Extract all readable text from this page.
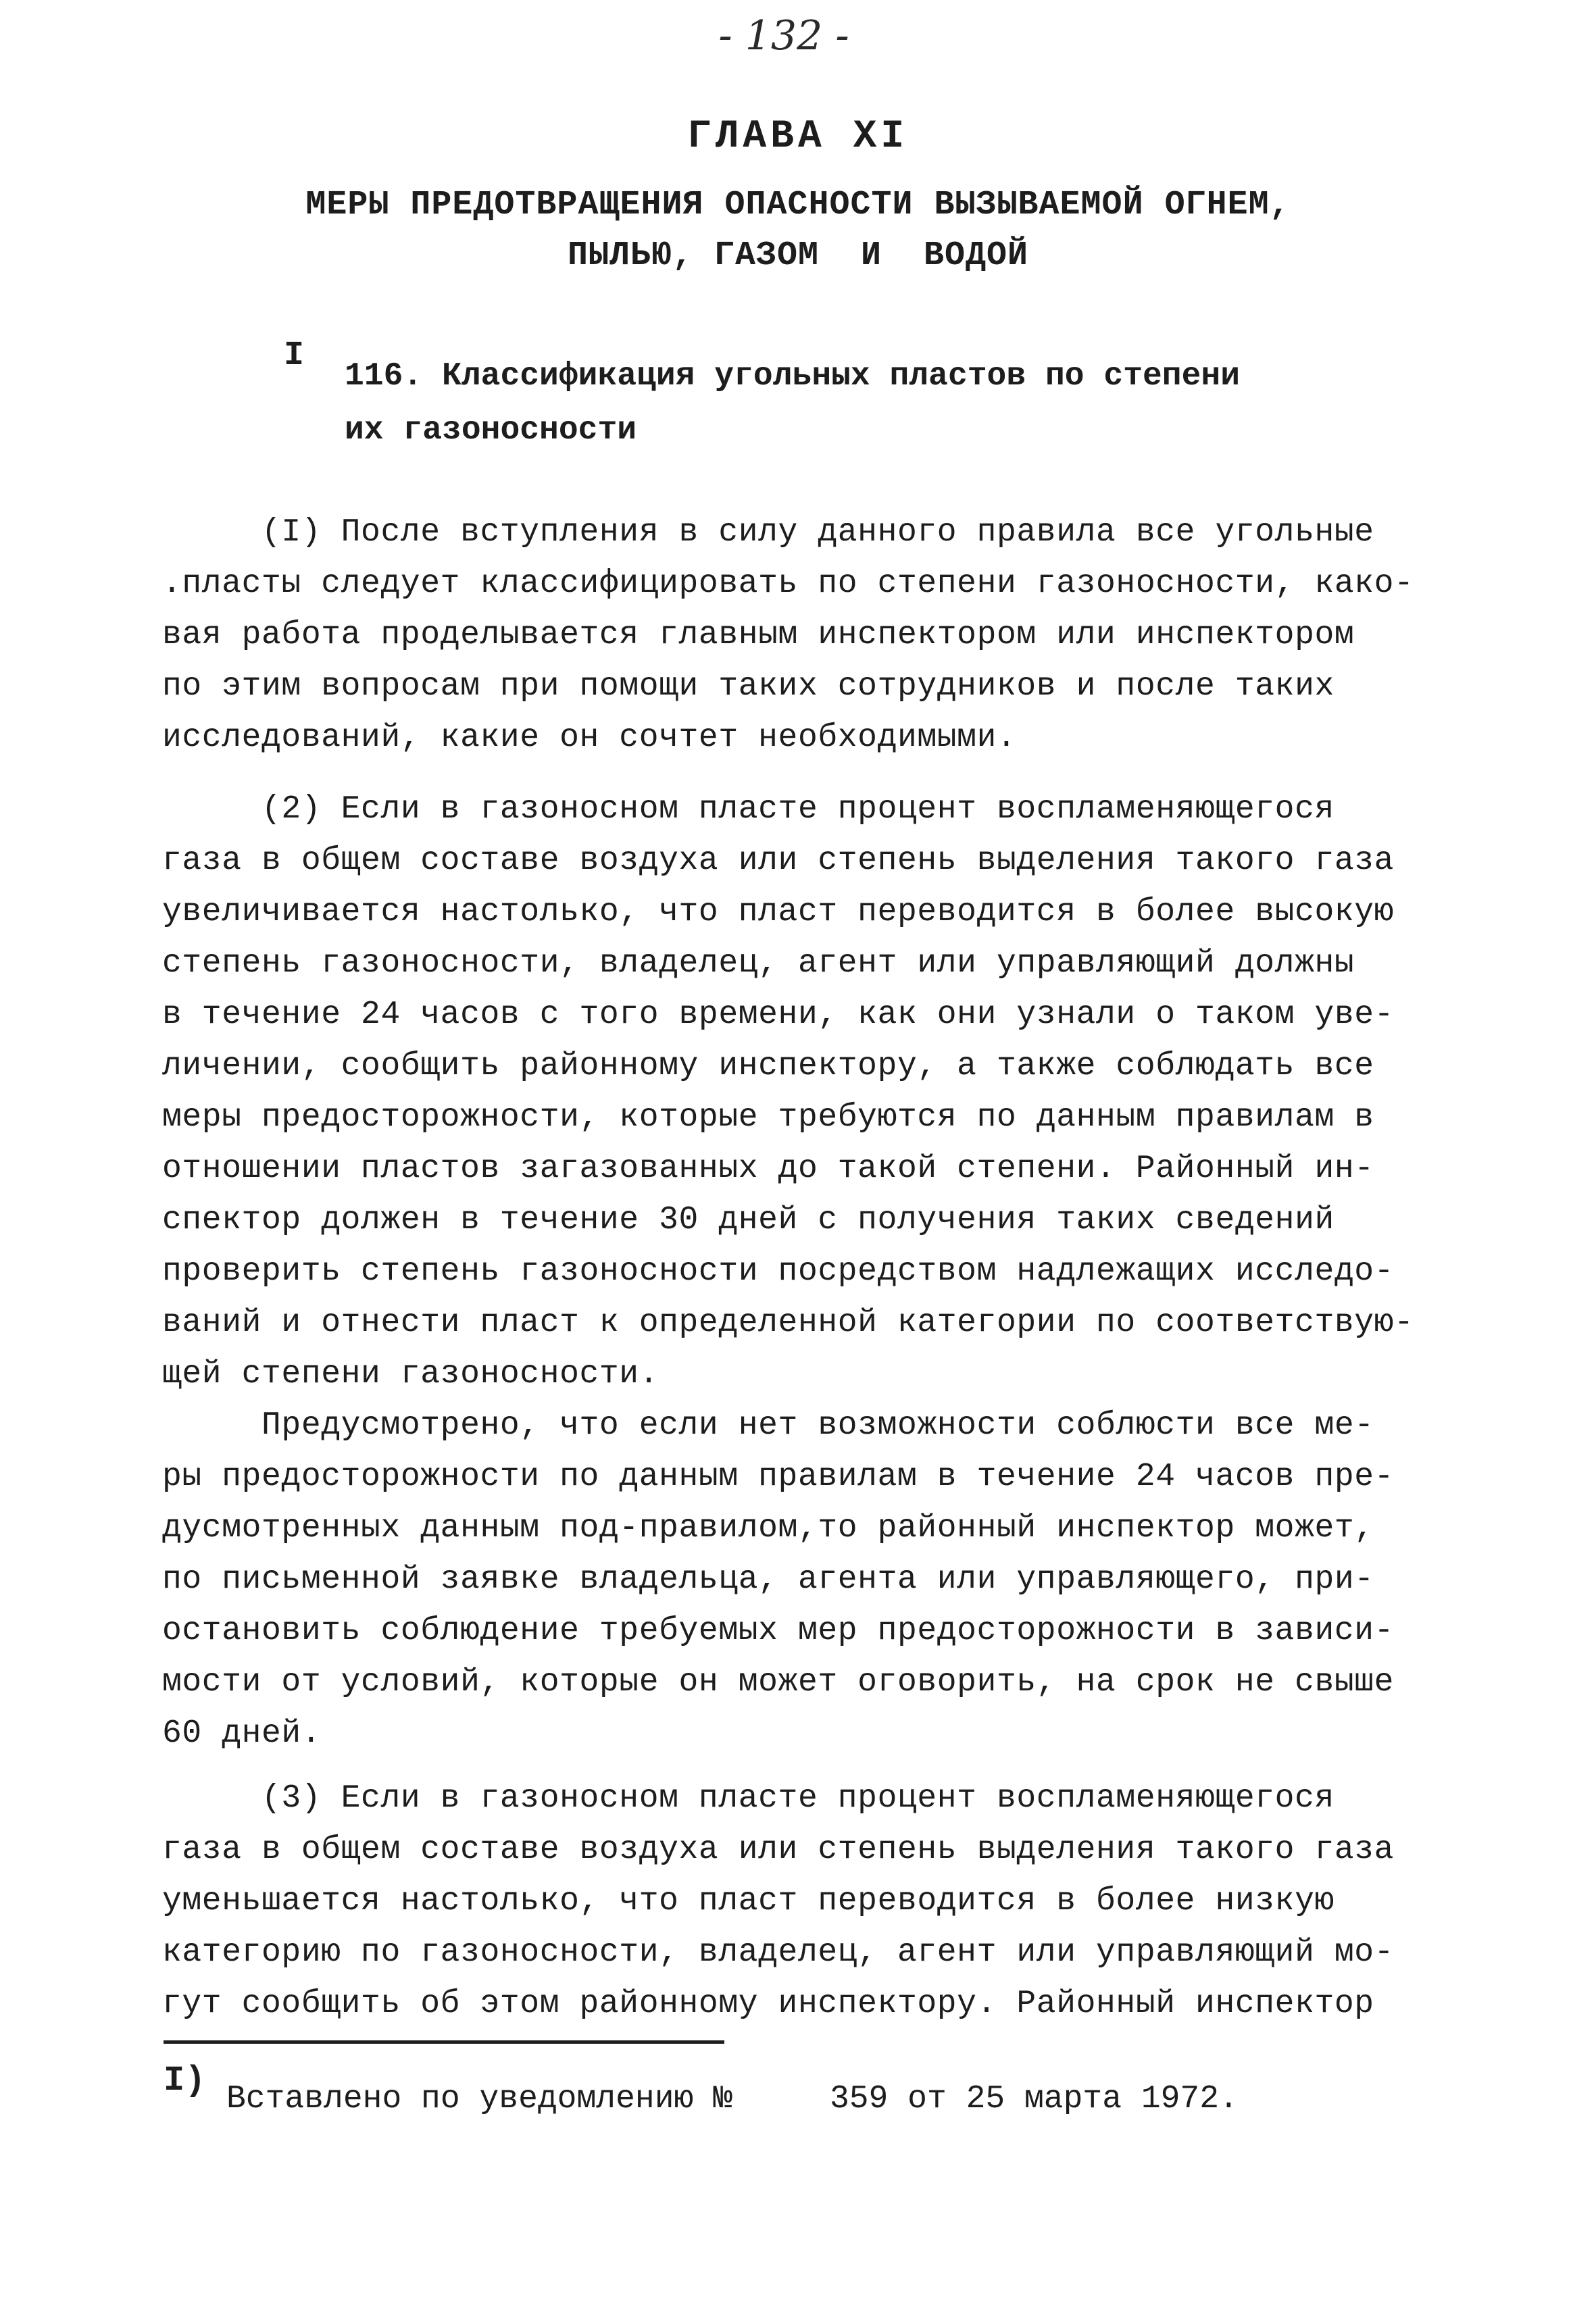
- 132 -
ГЛАВА XI
МЕРЫ ПРЕДОТВРАЩЕНИЯ ОПАСНОСТИ ВЫЗЫВАЕМОЙ ОГНЕМ,
ПЫЛЬЮ, ГАЗОМ  И  ВОДОЙ
I
116. Классификация угольных пластов по степени
их газоносности
(I) После вступления в силу данного правила все угольные
.пласты следует классифицировать по степени газоносности, како-
вая работа проделывается главным инспектором или инспектором
по этим вопросам при помощи таких сотрудников и после таких
исследований, какие он сочтет необходимыми.
(2) Если в газоносном пласте процент воспламеняющегося
газа в общем составе воздуха или степень выделения такого газа
увеличивается настолько, что пласт переводится в более высокую
степень газоносности, владелец, агент или управляющий должны
в течение 24 часов с того времени, как они узнали о таком уве-
личении, сообщить районному инспектору, а также соблюдать все
меры предосторожности, которые требуются по данным правилам в
отношении пластов загазованных до такой степени. Районный ин-
спектор должен в течение 30 дней с получения таких сведений
проверить степень газоносности посредством надлежащих исследо-
ваний и отнести пласт к определенной категории по соответствую-
щей степени газоносности.
Предусмотрено, что если нет возможности соблюсти все ме-
ры предосторожности по данным правилам в течение 24 часов пре-
дусмотренных данным под-правилом,то районный инспектор может,
по письменной заявке владельца, агента или управляющего, при-
остановить соблюдение требуемых мер предосторожности в зависи-
мости от условий, которые он может оговорить, на срок не свыше
60 дней.
(3) Если в газоносном пласте процент воспламеняющегося
газа в общем составе воздуха или степень выделения такого газа
уменьшается настолько, что пласт переводится в более низкую
категорию по газоносности, владелец, агент или управляющий мо-
гут сообщить об этом районному инспектору. Районный инспектор
I) Вставлено по уведомлению №     359 от 25 марта 1972.
